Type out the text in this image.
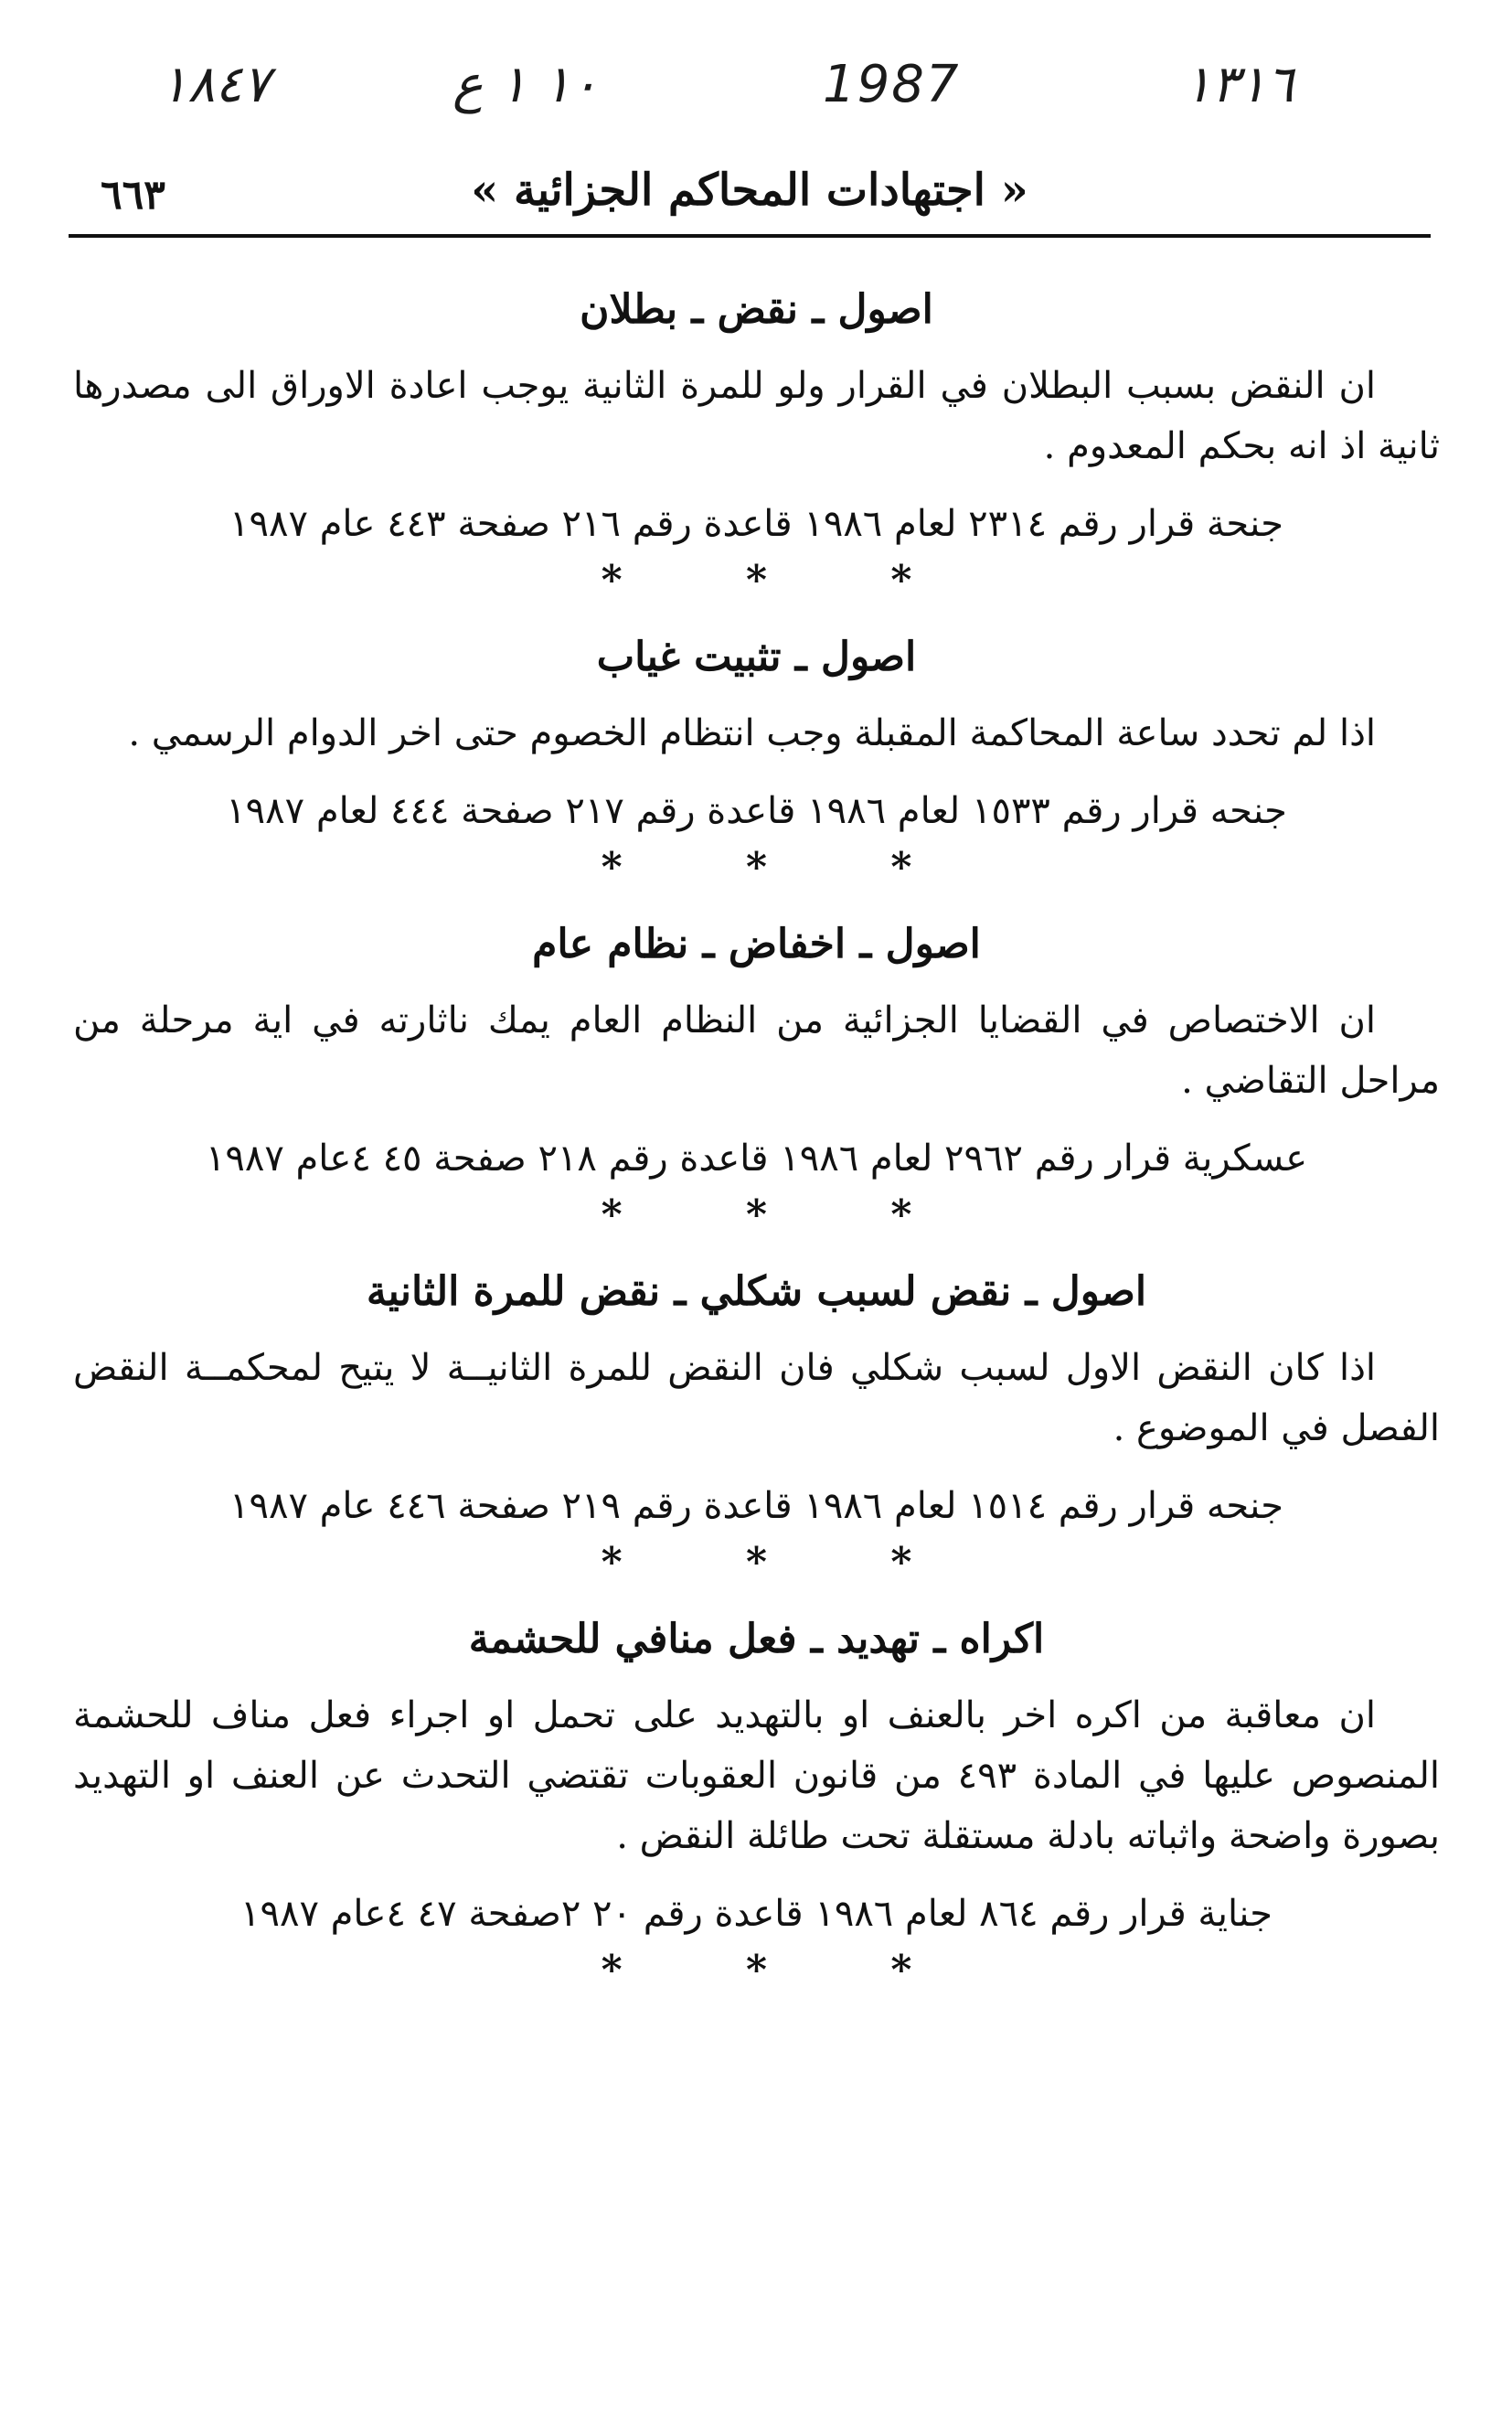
١٨٤٧	١٠ ١ ع	1987	١٣١٦
« اجتهادات المحاكم الجزائية »
٦٦٣
اصول ـ نقض ـ بطلان
ان النقض بسبب البطلان في القرار ولو للمرة الثانية يوجب اعادة الاوراق الى مصدرها ثانية اذ انه بحكم المعدوم .
جنحة قرار رقم ٢٣١٤ لعام ١٩٨٦ قاعدة رقم ٢١٦ صفحة ٤٤٣ عام ١٩٨٧
* * *
اصول ـ تثبيت غياب
اذا لم تحدد ساعة المحاكمة المقبلة وجب انتظام الخصوم حتى اخر الدوام الرسمي .
جنحه قرار رقم ١٥٣٣ لعام ١٩٨٦ قاعدة رقم ٢١٧ صفحة ٤٤٤ لعام ١٩٨٧
* * *
اصول ـ اخفاض ـ نظام عام
ان الاختصاص في القضايا الجزائية من النظام العام يمك ناثارته في اية مرحلة من مراحل التقاضي .
عسكرية قرار رقم ٢٩٦٢ لعام ١٩٨٦ قاعدة رقم ٢١٨ صفحة ٤٥ ٤عام ١٩٨٧
* * *
اصول ـ نقض لسبب شكلي ـ نقض للمرة الثانية
اذا كان النقض الاول لسبب شكلي فان النقض للمرة الثانيــة لا يتيح لمحكمــة النقض الفصل في الموضوع .
جنحه قرار رقم ١٥١٤ لعام ١٩٨٦ قاعدة رقم ٢١٩ صفحة ٤٤٦ عام ١٩٨٧
* * *
اكراه ـ تهديد ـ فعل منافي للحشمة
ان معاقبة من اكره اخر بالعنف او بالتهديد على تحمل او اجراء فعل مناف للحشمة المنصوص عليها في المادة ٤٩٣ من قانون العقوبات تقتضي التحدث عن العنف او التهديد بصورة واضحة واثباته بادلة مستقلة تحت طائلة النقض .
جناية قرار رقم ٨٦٤ لعام ١٩٨٦ قاعدة رقم ٢٠ ٢صفحة ٤٧ ٤عام ١٩٨٧
* * *
